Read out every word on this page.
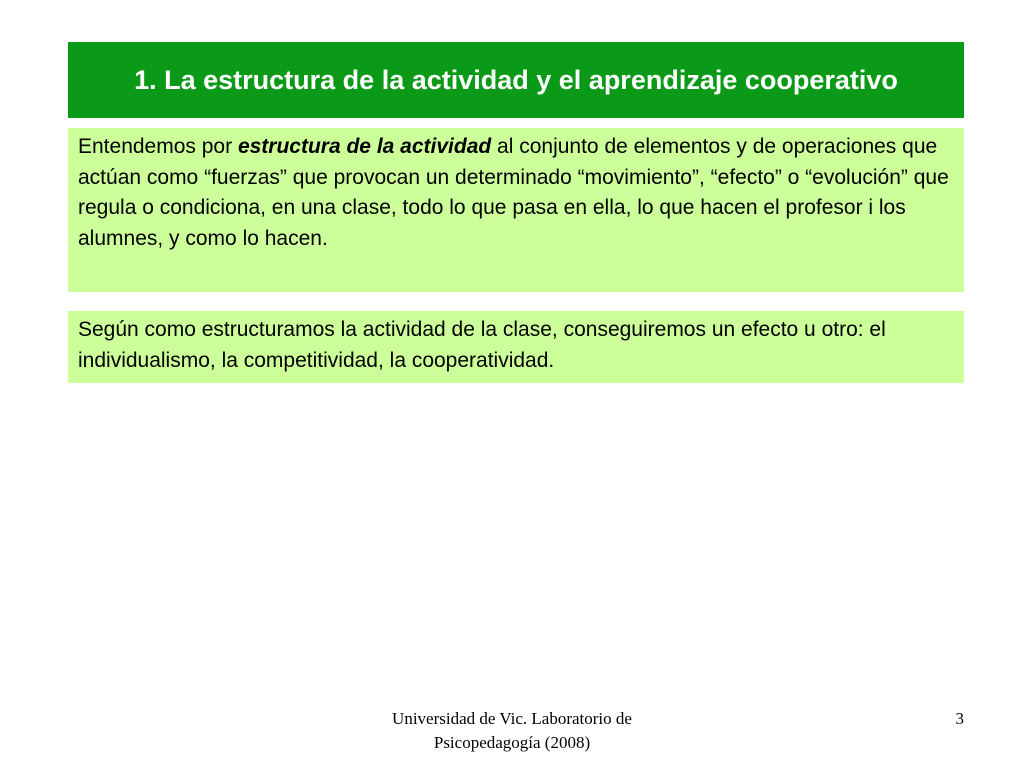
1. La estructura de la actividad y el aprendizaje cooperativo
Entendemos por estructura de la actividad al conjunto de elementos y de operaciones que actúan como “fuerzas” que provocan un determinado “movimiento”, “efecto” o “evolución” que regula o condiciona, en una clase, todo lo que pasa en ella, lo que hacen el profesor i los alumnes, y como lo hacen.
Según como estructuramos la actividad de la clase, conseguiremos un efecto u otro: el individualismo, la competitividad, la cooperatividad.
Universidad de Vic. Laboratorio de
Psicopedagogía (2008)
3
